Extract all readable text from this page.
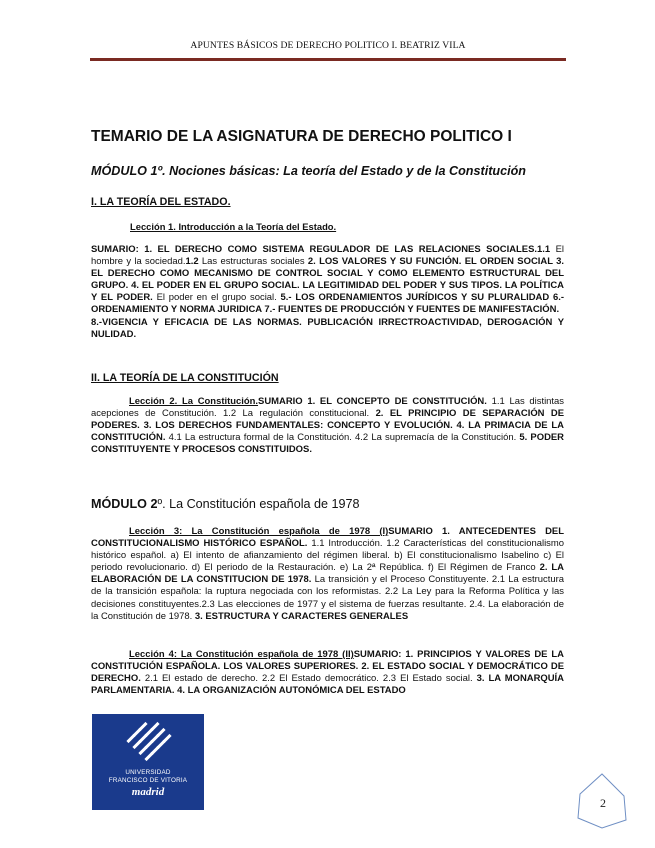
APUNTES BÁSICOS DE DERECHO POLITICO I. BEATRIZ VILA
TEMARIO DE LA ASIGNATURA DE DERECHO POLITICO I
MÓDULO 1º. Nociones básicas: La teoría del Estado y de la Constitución
I. LA TEORÍA DEL ESTADO.
Lección 1. Introducción a la Teoría del Estado.
SUMARIO: 1. EL DERECHO COMO SISTEMA REGULADOR DE LAS RELACIONES SOCIALES.1.1 El hombre y la sociedad.1.2 Las estructuras sociales 2. LOS VALORES Y SU FUNCIÓN. EL ORDEN SOCIAL 3. EL DERECHO COMO MECANISMO DE CONTROL SOCIAL Y COMO ELEMENTO ESTRUCTURAL DEL GRUPO. 4. EL PODER EN EL GRUPO SOCIAL. LA LEGITIMIDAD DEL PODER Y SUS TIPOS. LA POLÍTICA Y EL PODER. El poder en el grupo social. 5.- LOS ORDENAMIENTOS JURÍDICOS Y SU PLURALIDAD 6.- ORDENAMIENTO Y NORMA JURIDICA 7.- FUENTES DE PRODUCCIÓN Y FUENTES DE MANIFESTACIÓN.
8.-VIGENCIA Y EFICACIA DE LAS NORMAS. PUBLICACIÓN IRRECTROACTIVIDAD, DEROGACIÓN Y NULIDAD.
II. LA TEORÍA DE LA CONSTITUCIÓN
Lección 2. La Constitución.SUMARIO 1. EL CONCEPTO DE CONSTITUCIÓN. 1.1 Las distintas acepciones de Constitución. 1.2 La regulación constitucional. 2. EL PRINCIPIO DE SEPARACIÓN DE PODERES. 3. LOS DERECHOS FUNDAMENTALES: CONCEPTO Y EVOLUCIÓN. 4. LA PRIMACIA DE LA CONSTITUCIÓN. 4.1 La estructura formal de la Constitución. 4.2 La supremacía de la Constitución. 5. PODER CONSTITUYENTE Y PROCESOS CONSTITUIDOS.
MÓDULO 2º. La Constitución española de 1978
Lección 3: La Constitución española de 1978 (I)SUMARIO 1. ANTECEDENTES DEL CONSTITUCIONALISMO HISTÓRICO ESPAÑOL. 1.1 Introducción. 1.2 Características del constitucionalismo histórico español. a) El intento de afianzamiento del régimen liberal. b) El constitucionalismo Isabelino c) El periodo revolucionario. d) El periodo de la Restauración. e) La 2ª República. f) El Régimen de Franco 2. LA ELABORACIÓN DE LA CONSTITUCION DE 1978. La transición y el Proceso Constituyente. 2.1 La estructura de la transición española: la ruptura negociada con los reformistas. 2.2 La Ley para la Reforma Política y las decisiones constituyentes.2.3 Las elecciones de 1977 y el sistema de fuerzas resultante. 2.4. La elaboración de la Constitución de 1978. 3. ESTRUCTURA Y CARACTERES GENERALES
Lección 4: La Constitución española de 1978 (II)SUMARIO: 1. PRINCIPIOS Y VALORES DE LA CONSTITUCIÓN ESPAÑOLA. LOS VALORES SUPERIORES. 2. EL ESTADO SOCIAL Y DEMOCRÁTICO DE DERECHO. 2.1 El estado de derecho. 2.2 El Estado democrático. 2.3 El Estado social. 3. LA MONARQUÍA PARLAMENTARIA. 4. LA ORGANIZACIÓN AUTONÓMICA DEL ESTADO
UNIVERSIDAD
FRANCISCO DE VITORIA
madrid
2
